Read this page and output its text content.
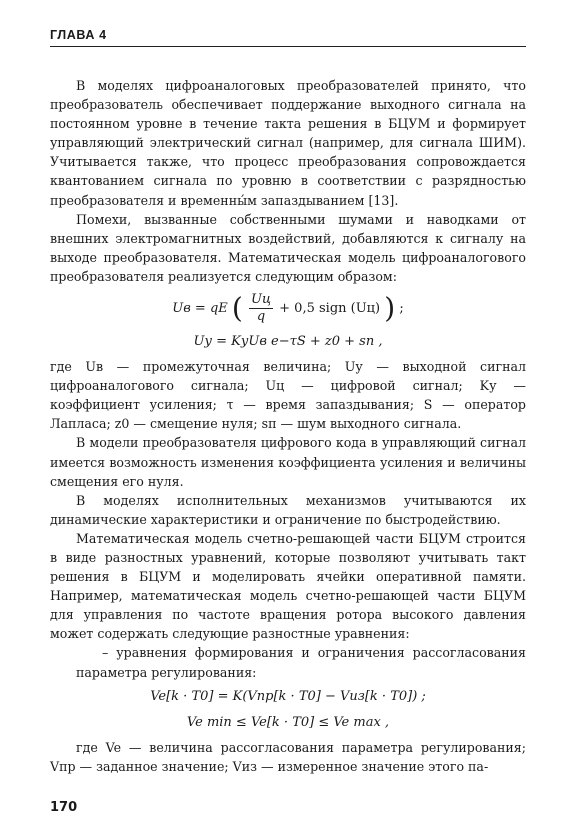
ГЛАВА 4

В моделях цифроаналоговых преобразователей принято, что преобразователь обеспечивает поддержание выходного сигнала на постоянном уровне в течение такта решения в БЦУМ и формирует управляющий электрический сигнал (например, для сигнала ШИМ). Учитывается также, что процесс преобразования сопровождается квантованием сигнала по уровню в соответствии с разрядностью преобразователя и временны́м запаздыванием [13].

Помехи, вызванные собственными шумами и наводками от внешних электромагнитных воздействий, добавляются к сигналу на выходе преобразователя. Математическая модель цифроаналогового преобразователя реализуется следующим образом:

Uв = qE ( $\frac{Uц}{q} + 0,5$ sign (Uц) ) ;
Uу = KуUв e−τS + z0 + sп ,

где Uв — промежуточная величина; Uу — выходной сигнал цифроаналогового сигнала; Uц — цифровой сигнал; Kу — коэффициент усиления; τ — время запаздывания; S — оператор Лапласа; z0 — смещение нуля; sп — шум выходного сигнала.

В модели преобразователя цифрового кода в управляющий сигнал имеется возможность изменения коэффициента усиления и величины смещения его нуля.

В моделях исполнительных механизмов учитываются их динамические характеристики и ограничение по быстродействию.

Математическая модель счетно-решающей части БЦУМ строится в виде разностных уравнений, которые позволяют учитывать такт решения в БЦУМ и моделировать ячейки оперативной памяти. Например, математическая модель счетно-решающей части БЦУМ для управления по частоте вращения ротора высокого давления может содержать следующие разностные уравнения:

– уравнения формирования и ограничения рассогласования параметра регулирования:

Ve[k · T0] = K(Vпр[k · T0] − Vиз[k · T0]) ;
Ve min ≤ Ve[k · T0] ≤ Ve max ,

где Ve — величина рассогласования параметра регулирования; Vпр — заданное значение; Vиз — измеренное значение этого па-

170
